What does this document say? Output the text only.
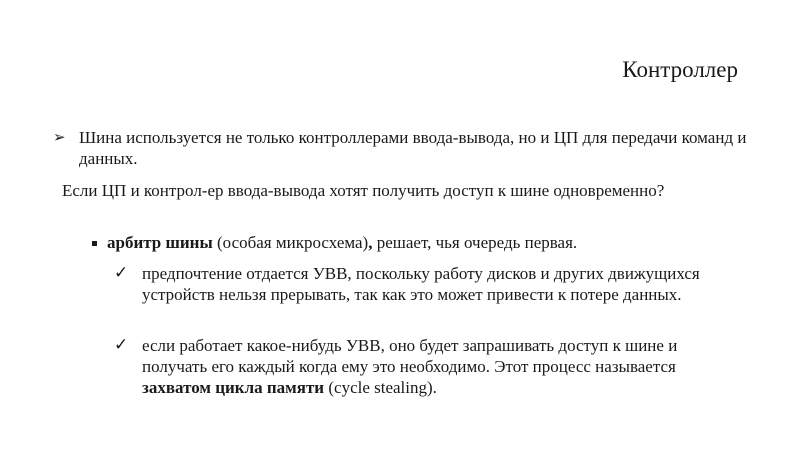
Контроллер
➢ Шина используется не только контроллерами ввода-вывода, но и ЦП для передачи команд и данных.
Если ЦП и контрол-ер ввода-вывода хотят получить доступ к шине одновременно?
арбитр шины (особая микросхема), решает, чья очередь первая.
✓ предпочтение отдается УВВ, поскольку работу дисков и других движущихся устройств нельзя прерывать, так как это может привести к потере данных.
✓ если работает какое-нибудь УВВ, оно будет запрашивать доступ к шине и получать его каждый когда ему это необходимо. Этот процесс называется захватом цикла памяти (cycle stealing).
